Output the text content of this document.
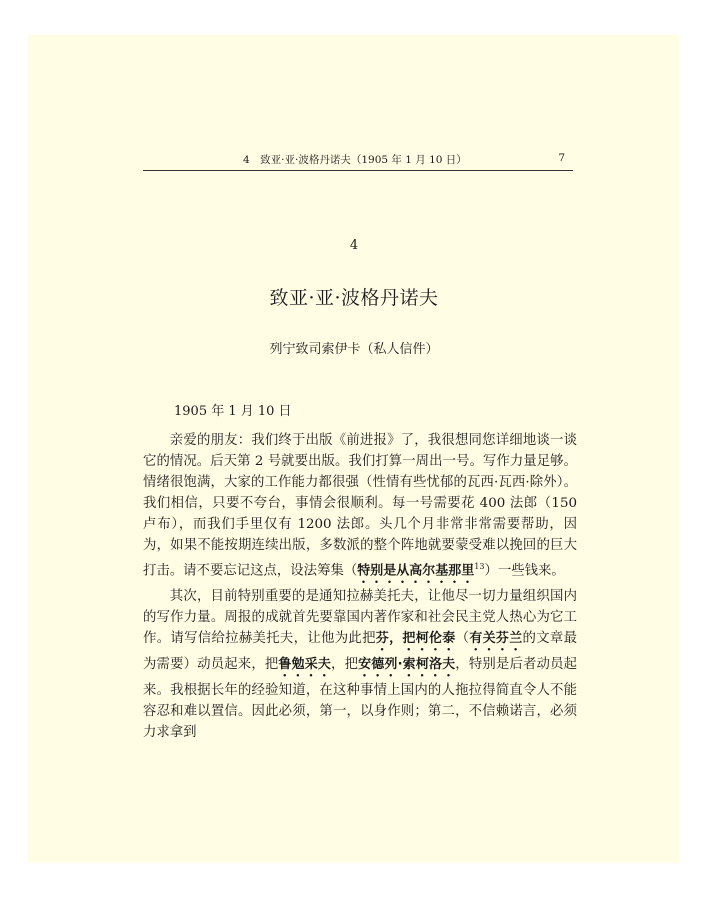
4　致亚·亚·波格丹诺夫（1905 年 1 月 10 日）	7
4
致亚·亚·波格丹诺夫
列宁致司索伊卡（私人信件）
1905 年 1 月 10 日

亲爱的朋友：我们终于出版《前进报》了，我很想同您详细地谈一谈它的情况。后天第 2 号就要出版。我们打算一周出一号。写作力量足够。情绪很饱满，大家的工作能力都很强（性情有些忧郁的瓦西·瓦西·除外）。我们相信，只要不夸台，事情会很顺利。每一号需要花 400 法郎（150 卢布），而我们手里仅有 1200 法郎。头几个月非常非常需要帮助，因为，如果不能按期连续出版，多数派的整个阵地就要蒙受难以挽回的巨大打击。请不要忘记这点，设法筹集（特别是从高尔基那里$^{13}$）一些钱来。

其次，目前特别重要的是通知拉赫美托夫，让他尽一切力量组织国内的写作力量。周报的成就首先要靠国内著作家和社会民主党人热心为它工作。请写信给拉赫美托夫，让他为此把芬，把柯伦泰（有关芬兰的文章最为需要）动员起来，把鲁勉采夫，把安德列·索柯洛夫，特别是后者动员起来。我根据长年的经验知道，在这种事情上国内的人拖拉得简直令人不能容忍和难以置信。因此必须，第一，以身作则；第二，不信赖诺言，必须力求拿到
